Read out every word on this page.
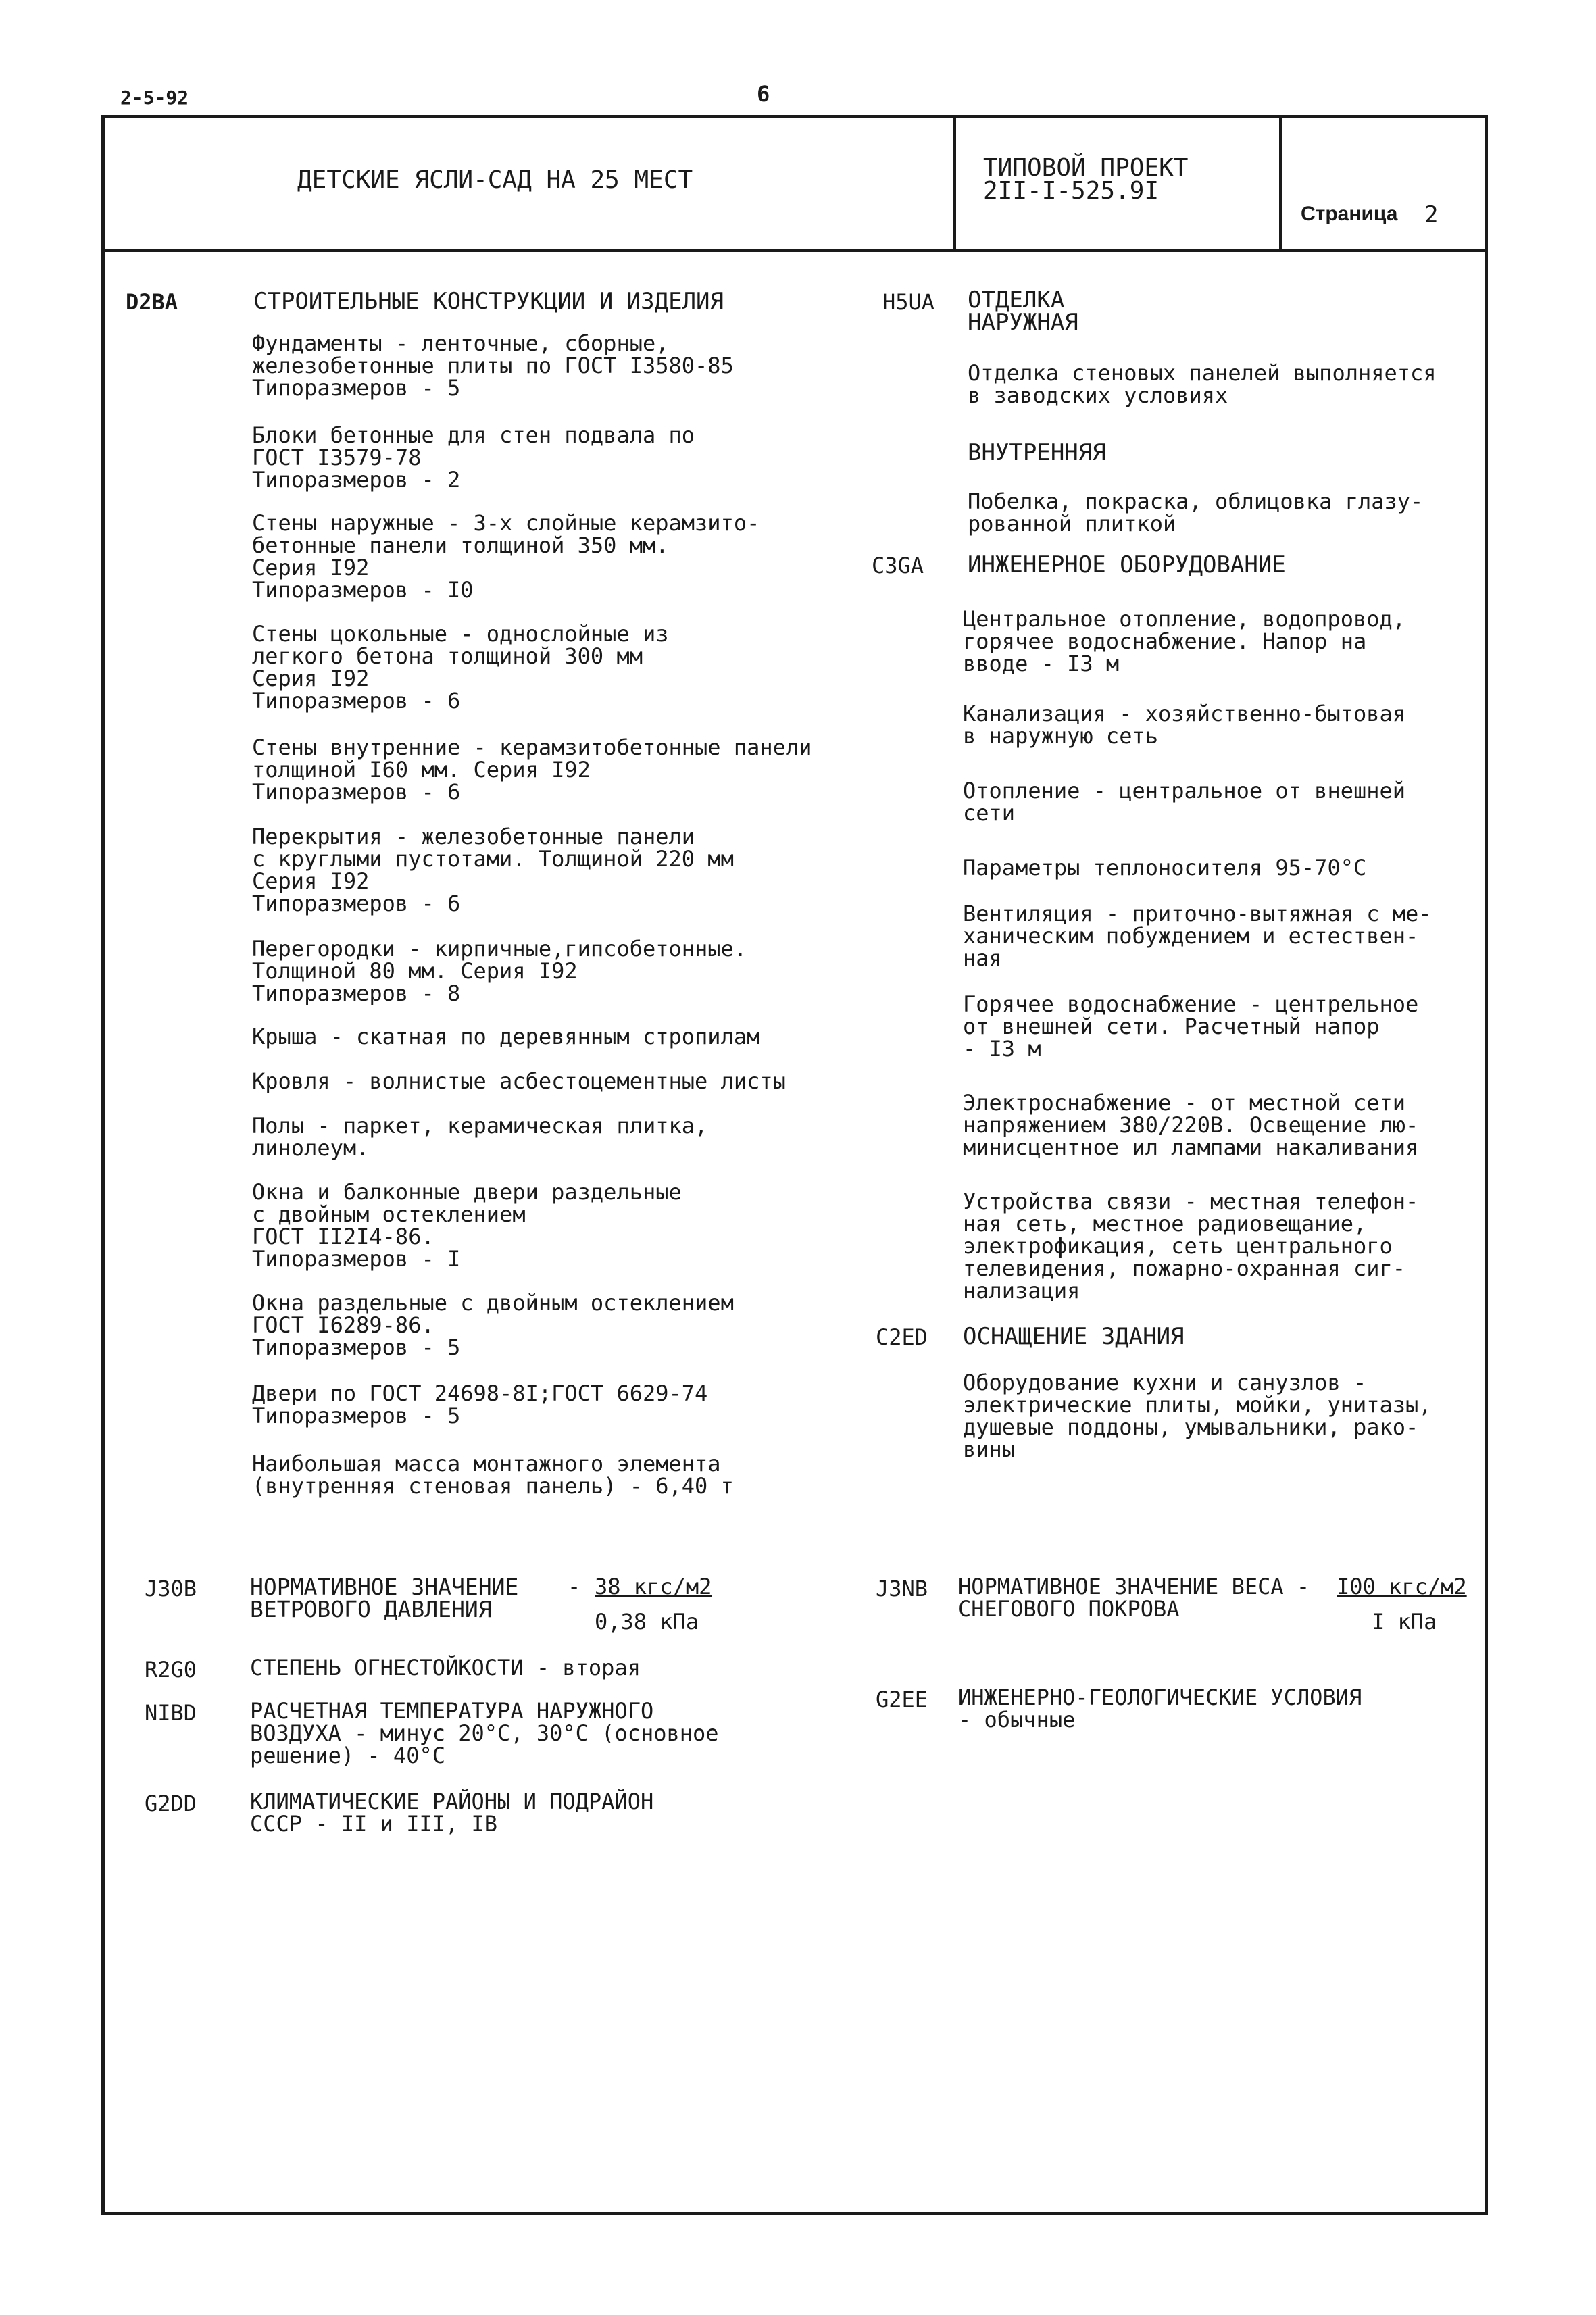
2-5-92	6
ДЕТСКИЕ ЯСЛИ-САД НА 25 МЕСТ	ТИПОВОЙ ПРОЕКТ
2II-I-525.9I
Страница 2
D2BA	СТРОИТЕЛЬНЫЕ КОНСТРУКЦИИ И ИЗДЕЛИЯ
Фундаменты - ленточные, сборные,
железобетонные плиты по ГОСТ I3580-85
Типоразмеров - 5
Блоки бетонные для стен подвала по
ГОСТ I3579-78
Типоразмеров - 2
Стены наружные - 3-х слойные керамзито-
бетонные панели толщиной 350 мм.
Серия I92
Типоразмеров - I0
Стены цокольные - однослойные из
легкого бетона толщиной 300 мм
Серия I92
Типоразмеров - 6
Стены внутренние - керамзитобетонные панели
толщиной I60 мм. Серия I92
Типоразмеров - 6
Перекрытия - железобетонные панели
с круглыми пустотами. Толщиной 220 мм
Серия I92
Типоразмеров - 6
Перегородки - кирпичные,гипсобетонные.
Толщиной 80 мм. Серия I92
Типоразмеров - 8
Крыша - скатная по деревянным стропилам
Кровля - волнистые асбестоцементные листы
Полы - паркет, керамическая плитка,
линолеум.
Окна и балконные двери раздельные
с двойным остеклением
ГОСТ II2I4-86.
Типоразмеров - I
Окна раздельные с двойным остеклением
ГОСТ I6289-86.
Типоразмеров - 5
Двери по ГОСТ 24698-8I;ГОСТ 6629-74
Типоразмеров - 5
Наибольшая масса монтажного элемента
(внутренняя стеновая панель) - 6,40 т
H5UA ОТДЕЛКА
НАРУЖНАЯ
Отделка стеновых панелей выполняется
в заводских условиях
ВНУТРЕННЯЯ
Побелка, покраска, облицовка глазу-
рованной плиткой
C3GA ИНЖЕНЕРНОЕ ОБОРУДОВАНИЕ
Центральное отопление, водопровод,
горячее водоснабжение. Напор на
вводе - I3 м
Канализация - хозяйственно-бытовая
в наружную сеть
Отопление - центральное от внешней
сети
Параметры теплоносителя 95-70°C
Вентиляция - приточно-вытяжная с ме-
ханическим побуждением и естествен-
ная
Горячее водоснабжение - центрельное
от внешней сети. Расчетный напор
- I3 м
Электроснабжение - от местной сети
напряжением 380/220В. Освещение лю-
минисцентное ил лампами накаливания
Устройства связи - местная телефон-
ная сеть, местное радиовещание,
электрофикация, сеть центрального
телевидения, пожарно-охранная сиг-
нализация
C2ED ОСНАЩЕНИЕ ЗДАНИЯ
Оборудование кухни и санузлов -
электрические плиты, мойки, унитазы,
душевые поддоны, умывальники, рако-
вины
J30B НОРМАТИВНОЕ ЗНАЧЕНИЕ
ВЕТРОВОГО ДАВЛЕНИЯ
- 38 кгс/м2
0,38 кПа
R2G0 СТЕПЕНЬ ОГНЕСТОЙКОСТИ - вторая
NIBD РАСЧЕТНАЯ ТЕМПЕРАТУРА НАРУЖНОГО
ВОЗДУХА - минус 20°С, 30°С (основное
решение) - 40°С
G2DD КЛИМАТИЧЕСКИЕ РАЙОНЫ И ПОДРАЙОН
СССР - II и III, IВ
J3NB НОРМАТИВНОЕ ЗНАЧЕНИЕ ВЕСА -
СНЕГОВОГО ПОКРОВА
I00 кгс/м2
I кПа
G2EE ИНЖЕНЕРНО-ГЕОЛОГИЧЕСКИЕ УСЛОВИЯ
- обычные
